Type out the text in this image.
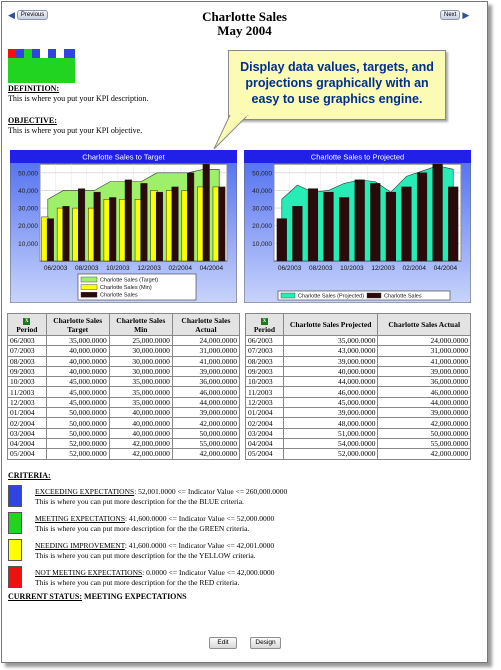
◀	Previous	Next ▶
Charlotte Sales
May 2004
DEFINITION:
This is where you put your KPI description.
OBJECTIVE:
This is where you put your KPI objective.
Display data values, targets, and projections graphically with an easy to use graphics engine.
Charlotte Sales to Target
10,000
20,000
30,000
40,000
50,000
06/2003 08/2003 10/2003 12/2003 02/2004 04/2004
Charlotte Sales (Target)
Charlotte Sales (Min)
Charlotte Sales
Charlotte Sales to Projected
10,000
20,000
30,000
40,000
50,000
06/2003 08/2003 10/2003 12/2003 02/2004 04/2004
Charlotte Sales (Projected)	Charlotte Sales
X
Period	Charlotte Sales Target	Charlotte Sales Min	Charlotte Sales Actual
06/2003	35,000.0000	25,000.0000	24,000.0000
07/2003	40,000.0000	30,000.0000	31,000.0000
08/2003	40,000.0000	30,000.0000	41,000.0000
09/2003	40,000.0000	30,000.0000	39,000.0000
10/2003	45,000.0000	35,000.0000	36,000.0000
11/2003	45,000.0000	35,000.0000	46,000.0000
12/2003	45,000.0000	35,000.0000	44,000.0000
01/2004	50,000.0000	40,000.0000	39,000.0000
02/2004	50,000.0000	40,000.0000	42,000.0000
03/2004	50,000.0000	40,000.0000	50,000.0000
04/2004	52,000.0000	42,000.0000	55,000.0000
05/2004	52,000.0000	42,000.0000	42,000.0000
X
Period	Charlotte Sales Projected	Charlotte Sales Actual
06/2003	35,000.0000	24,000.0000
07/2003	43,000.0000	31,000.0000
08/2003	39,000.0000	41,000.0000
09/2003	40,000.0000	39,000.0000
10/2003	44,000.0000	36,000.0000
11/2003	46,000.0000	46,000.0000
12/2003	45,000.0000	44,000.0000
01/2004	39,000.0000	39,000.0000
02/2004	48,000.0000	42,000.0000
03/2004	51,000.0000	50,000.0000
04/2004	54,000.0000	55,000.0000
05/2004	52,000.0000	42,000.0000
CRITERIA:
EXCEEDING EXPECTATIONS: 52,001.0000 <= Indicator Value <= 260,000.0000
This is where you can put more description for the the BLUE criteria.
MEETING EXPECTATIONS: 41,600.0000 <= Indicator Value <= 52,000.0000
This is where you can put more description for the the GREEN criteria.
NEEDING IMPROVEMENT: 41,600.0000 <= Indicator Value <= 42,001.0000
This is where you can put more description for the the YELLOW criteria.
NOT MEETING EXPECTATIONS: 0.0000 <= Indicator Value <= 42,000.0000
This is where you can put more description for the the RED criteria.
CURRENT STATUS: MEETING EXPECTATIONS
Edit	Design
